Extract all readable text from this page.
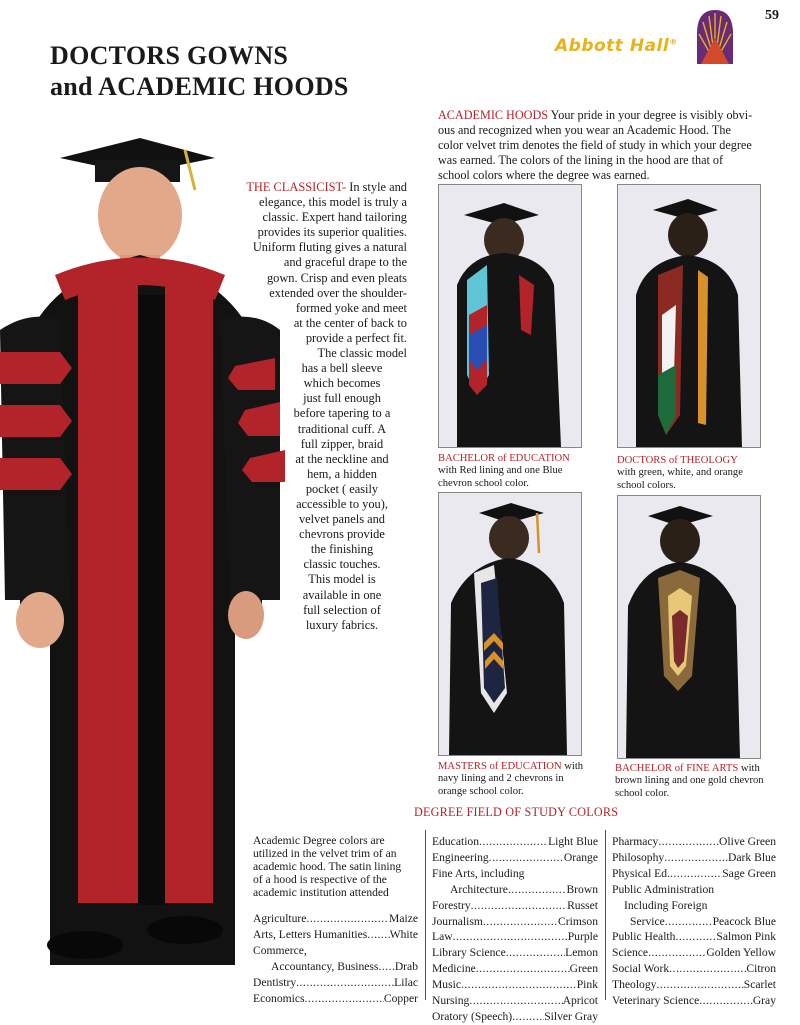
59
DOCTORS GOWNS
and ACADEMIC HOODS
Abbott Hall®

THE CLASSICIST- In style and
elegance, this model is truly a
classic. Expert hand tailoring
provides its superior qualities.
Uniform fluting gives a natural
and graceful drape to the
gown. Crisp and even pleats
extended over the shoulder-
formed yoke and meet
at the center of back to
provide a perfect fit.
The classic model
has a bell sleeve
which becomes
just full enough
before tapering to a
traditional cuff. A
full zipper, braid
at the neckline and
hem, a hidden
pocket ( easily
accessible to you),
velvet panels and
chevrons provide
the finishing
classic touches.
This model is
available in one
full selection of
luxury fabrics.

ACADEMIC HOODS Your pride in your degree is visibly obvi-
ous and recognized when you wear an Academic Hood. The
color velvet trim denotes the field of study in which your degree
was earned. The colors of the lining in the hood are that of
school colors where the degree was earned.

BACHELOR of EDUCATION
with Red lining and one Blue
chevron school color.

DOCTORS of THEOLOGY
with green, white, and orange
school colors.

MASTERS of EDUCATION with
navy lining and 2 chevrons in
orange school color.

BACHELOR of FINE ARTS with
brown lining and one gold chevron
school color.

DEGREE FIELD OF STUDY COLORS
Academic Degree colors are
utilized in the velvet trim of an
academic hood. The satin lining
of a hood is respective of the
academic institution attended
Agriculture .....	Maize
Arts, Letters Humanities ..... White
Commerce,
Accountancy, Business ..... Drab
Dentistry .....	Lilac
Economics .....	Copper
Education .....	Light Blue
Engineering .....	Orange
Fine Arts, including
Architecture .....	Brown
Forestry .....	Russet
Journalism .....	Crimson
Law .....	Purple
Library Science .....	Lemon
Medicine .....	Green
Music .....	Pink
Nursing .....	Apricot
Oratory (Speech) .....	Silver Gray
Pharmacy .....	Olive Green
Philosophy .....	Dark Blue
Physical Ed. .....	Sage Green
Public Administration
Including Foreign
Service .....	Peacock Blue
Public Health .....	Salmon Pink
Science .....	Golden Yellow
Social Work .....	Citron
Theology .....	Scarlet
Veterinary Science .....	Gray
